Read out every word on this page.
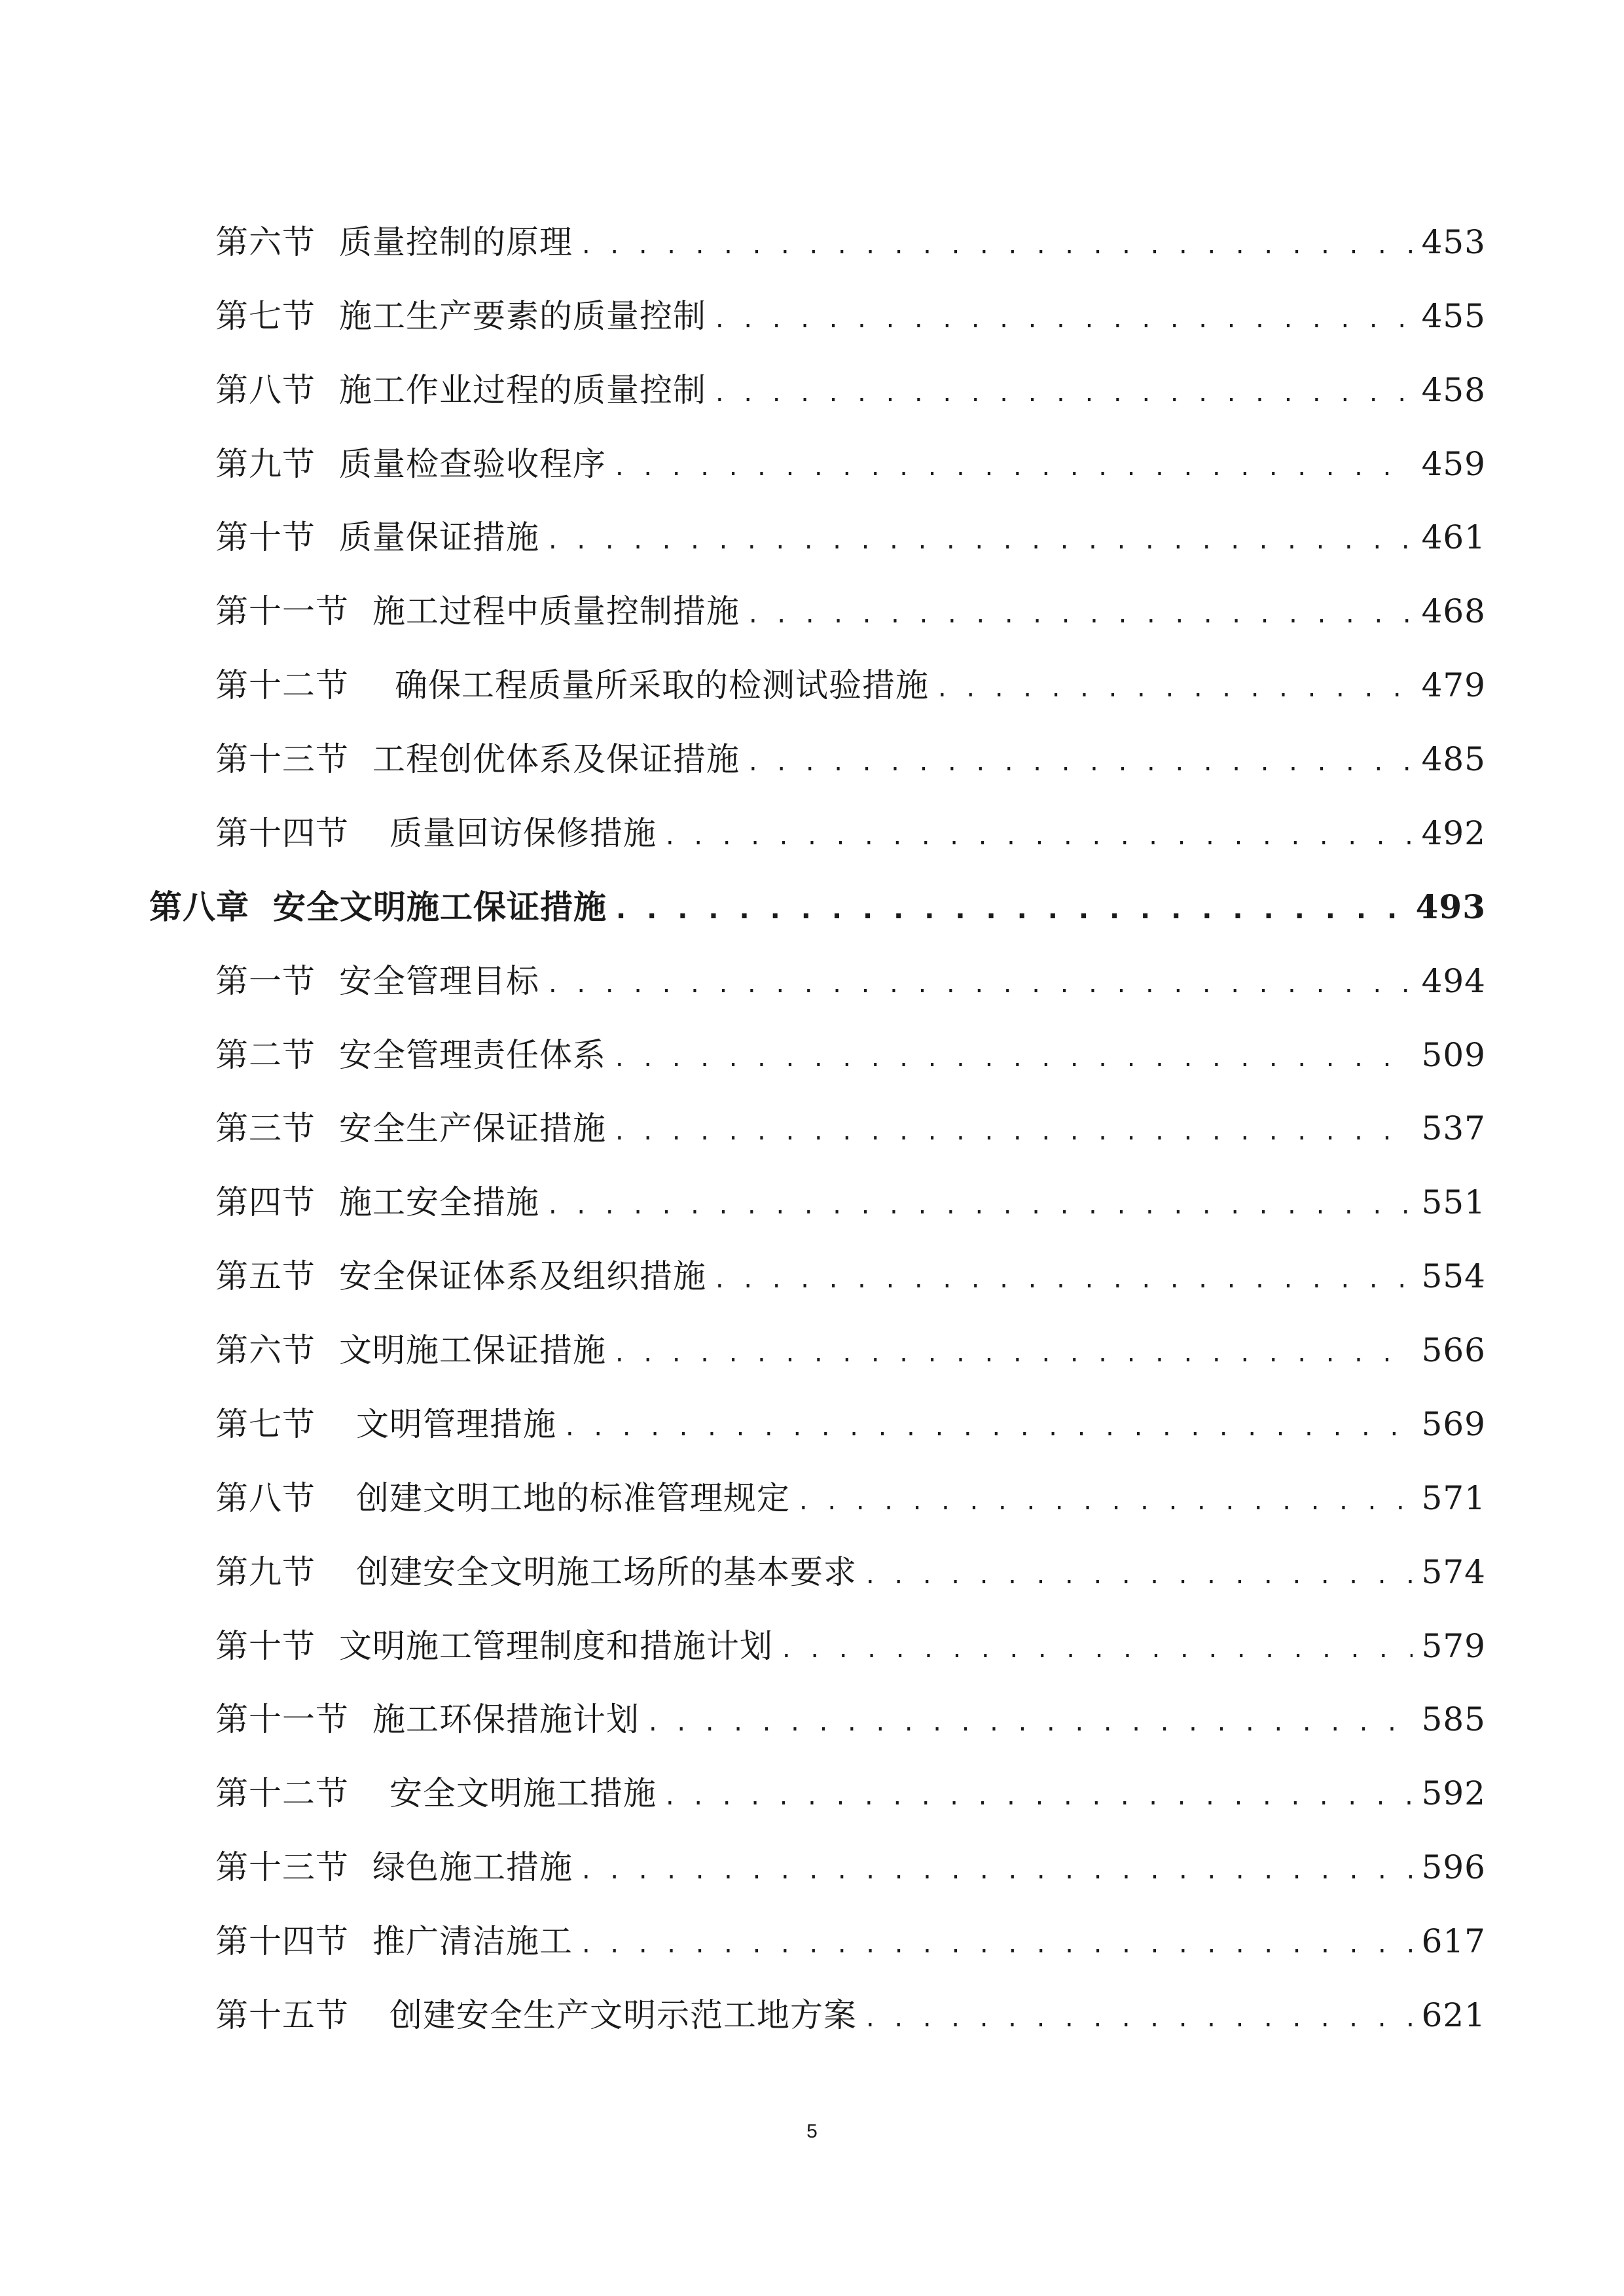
第六节 质量控制的原理 . . .	453
第七节 施工生产要素的质量控制 . . .	455
第八节 施工作业过程的质量控制 . . .	458
第九节 质量检查验收程序 . . .	459
第十节 质量保证措施 . . .	461
第十一节 施工过程中质量控制措施 . . .	468
第十二节 确保工程质量所采取的检测试验措施 . . .	479
第十三节 工程创优体系及保证措施 . . .	485
第十四节 质量回访保修措施 . . .	492
第八章 安全文明施工保证措施 . . .	493
第一节 安全管理目标 . . .	494
第二节 安全管理责任体系 . . .	509
第三节 安全生产保证措施 . . .	537
第四节 施工安全措施 . . .	551
第五节 安全保证体系及组织措施 . . .	554
第六节 文明施工保证措施 . . .	566
第七节 文明管理措施 . . .	569
第八节 创建文明工地的标准管理规定 . . .	571
第九节 创建安全文明施工场所的基本要求 . . .	574
第十节 文明施工管理制度和措施计划 . . .	579
第十一节 施工环保措施计划 . . .	585
第十二节 安全文明施工措施 . . .	592
第十三节 绿色施工措施 . . .	596
第十四节 推广清洁施工 . . .	617
第十五节 创建安全生产文明示范工地方案 . . .	621
5
